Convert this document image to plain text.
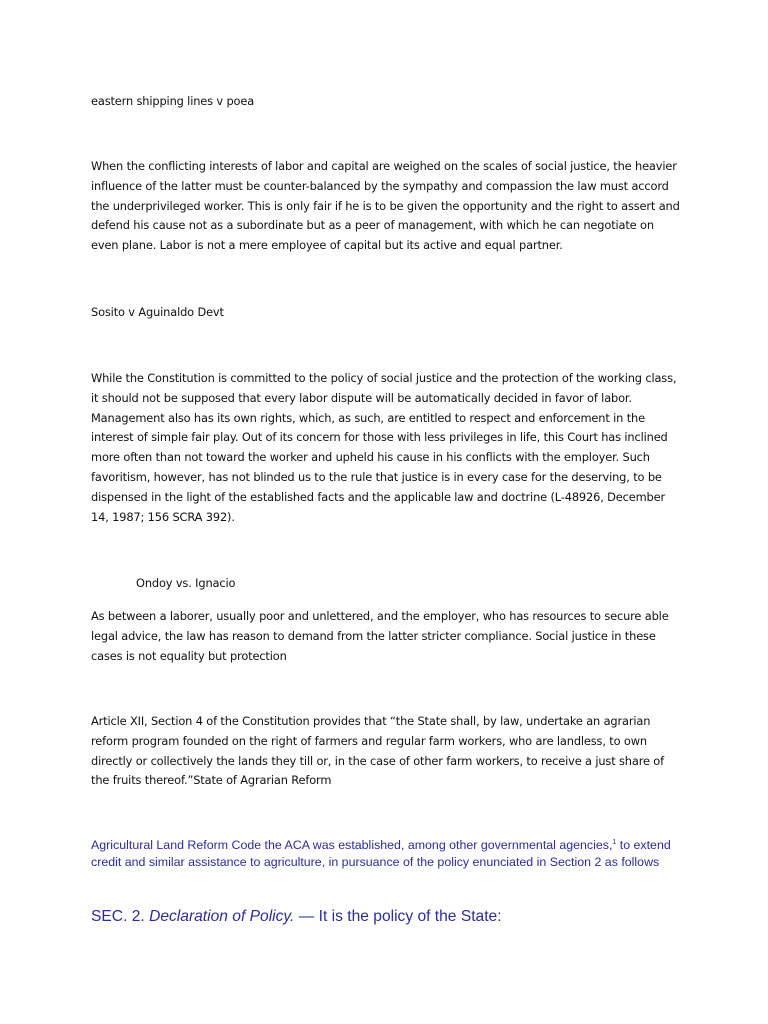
eastern shipping lines v poea

When the conflicting interests of labor and capital are weighed on the scales of social justice, the heavier influence of the latter must be counter-balanced by the sympathy and compassion the law must accord the underprivileged worker. This is only fair if he is to be given the opportunity and the right to assert and defend his cause not as a subordinate but as a peer of management, with which he can negotiate on even plane. Labor is not a mere employee of capital but its active and equal partner.

Sosito v Aguinaldo Devt

While the Constitution is committed to the policy of social justice and the protection of the working class, it should not be supposed that every labor dispute will be automatically decided in favor of labor. Management also has its own rights, which, as such, are entitled to respect and enforcement in the interest of simple fair play. Out of its concern for those with less privileges in life, this Court has inclined more often than not toward the worker and upheld his cause in his conflicts with the employer. Such favoritism, however, has not blinded us to the rule that justice is in every case for the deserving, to be dispensed in the light of the established facts and the applicable law and doctrine (L-48926, December 14, 1987; 156 SCRA 392).

Ondoy vs. Ignacio

As between a laborer, usually poor and unlettered, and the employer, who has resources to secure able legal advice, the law has reason to demand from the latter stricter compliance. Social justice in these cases is not equality but protection

Article XII, Section 4 of the Constitution provides that “the State shall, by law, undertake an agrarian reform program founded on the right of farmers and regular farm workers, who are landless, to own directly or collectively the lands they till or, in the case of other farm workers, to receive a just share of the fruits thereof.”State of Agrarian Reform

Agricultural Land Reform Code the ACA was established, among other governmental agencies,$^1$ to extend credit and similar assistance to agriculture, in pursuance of the policy enunciated in Section 2 as follows

SEC. 2. Declaration of Policy. — It is the policy of the State:
